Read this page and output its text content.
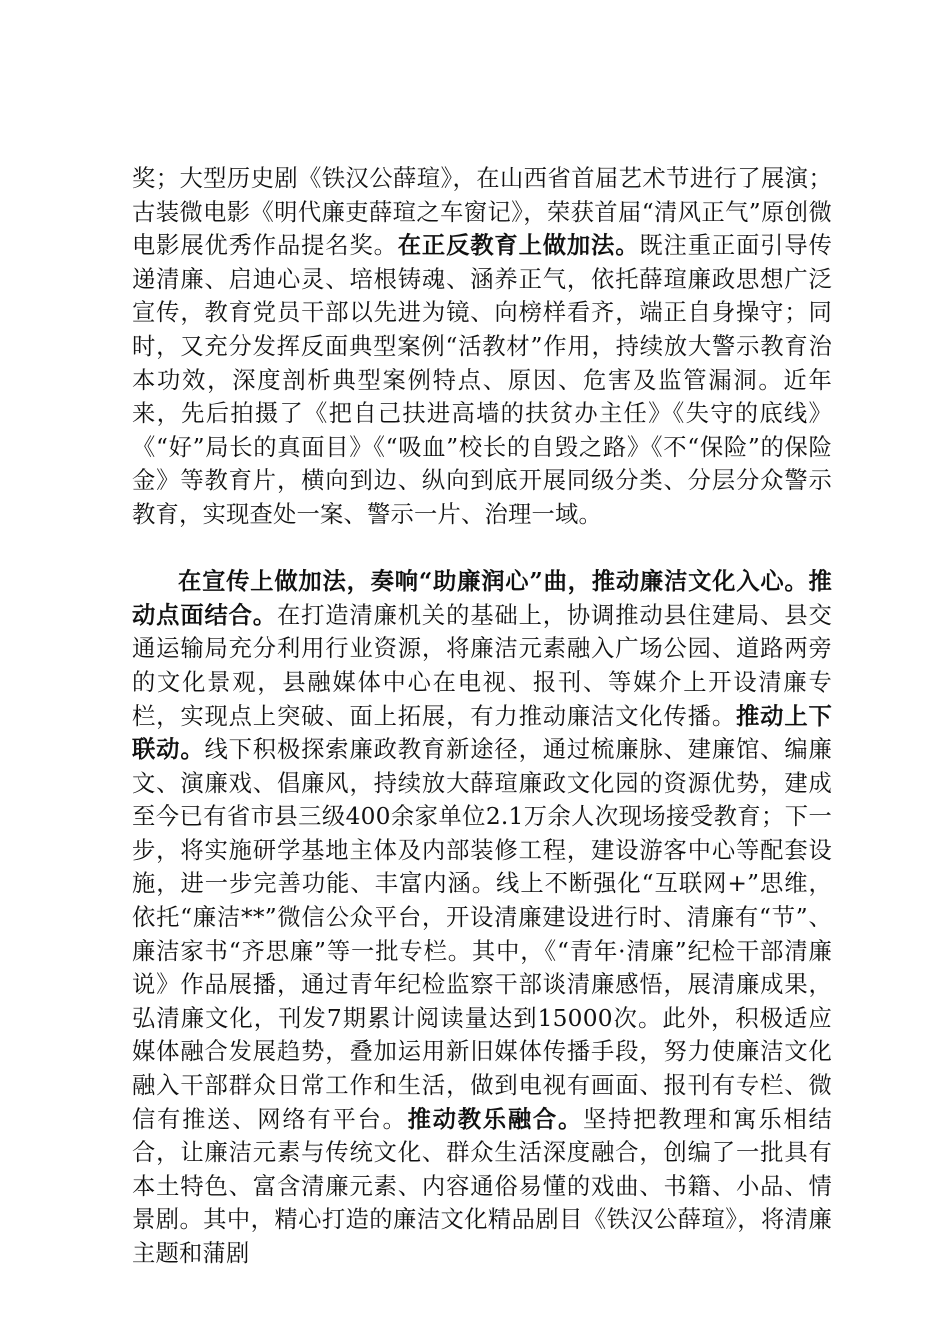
奖；大型历史剧《铁汉公薛瑄》，在山西省首届艺术节进行了展演；古装微电影《明代廉吏薛瑄之车窗记》，荣获首届“清风正气”原创微电影展优秀作品提名奖。在正反教育上做加法。既注重正面引导传递清廉、启迪心灵、培根铸魂、涵养正气，依托薛瑄廉政思想广泛宣传，教育党员干部以先进为镜、向榜样看齐，端正自身操守；同时，又充分发挥反面典型案例“活教材”作用，持续放大警示教育治本功效，深度剖析典型案例特点、原因、危害及监管漏洞。近年来，先后拍摄了《把自己扶进高墙的扶贫办主任》《失守的底线》《“好”局长的真面目》《“吸血”校长的自毁之路》《不“保险”的保险金》等教育片，横向到边、纵向到底开展同级分类、分层分众警示教育，实现查处一案、警示一片、治理一域。

在宣传上做加法，奏响“助廉润心”曲，推动廉洁文化入心。推动点面结合。在打造清廉机关的基础上，协调推动县住建局、县交通运输局充分利用行业资源，将廉洁元素融入广场公园、道路两旁的文化景观，县融媒体中心在电视、报刊、等媒介上开设清廉专栏，实现点上突破、面上拓展，有力推动廉洁文化传播。推动上下联动。线下积极探索廉政教育新途径，通过梳廉脉、建廉馆、编廉文、演廉戏、倡廉风，持续放大薛瑄廉政文化园的资源优势，建成至今已有省市县三级400余家单位2.1万余人次现场接受教育；下一步，将实施研学基地主体及内部装修工程，建设游客中心等配套设施，进一步完善功能、丰富内涵。线上不断强化“互联网+”思维，依托“廉洁**”微信公众平台，开设清廉建设进行时、清廉有“节”、廉洁家书“齐思廉”等一批专栏。其中，《“青年·清廉”纪检干部清廉说》作品展播，通过青年纪检监察干部谈清廉感悟，展清廉成果，弘清廉文化，刊发7期累计阅读量达到15000次。此外，积极适应媒体融合发展趋势，叠加运用新旧媒体传播手段，努力使廉洁文化融入干部群众日常工作和生活，做到电视有画面、报刊有专栏、微信有推送、网络有平台。推动教乐融合。坚持把教理和寓乐相结合，让廉洁元素与传统文化、群众生活深度融合，创编了一批具有本土特色、富含清廉元素、内容通俗易懂的戏曲、书籍、小品、情景剧。其中，精心打造的廉洁文化精品剧目《铁汉公薛瑄》，将清廉主题和蒲剧
